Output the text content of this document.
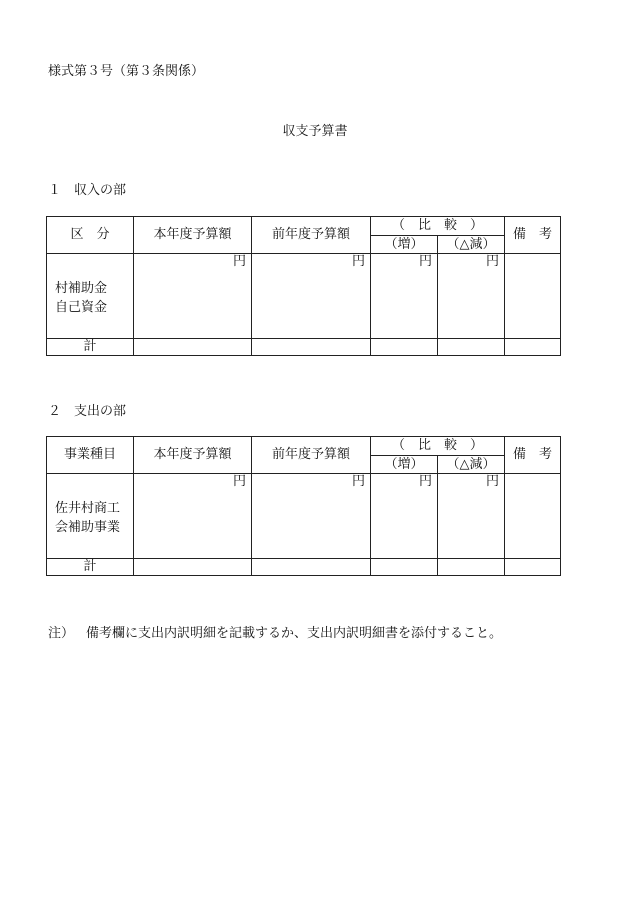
様式第３号（第３条関係）
収支予算書
１　収入の部
区　分	本年度予算額	前年度予算額	（　比　較　）		備　考
			（増）	（△減）	

村補助金
自己資金	円	円	円	円	
計					
２　支出の部
事業種目	本年度予算額	前年度予算額	（　比　較　）		備　考
			（増）	（△減）	

佐井村商工
会補助事業	円	円	円	円	
計					
注） 備考欄に支出内訳明細を記載するか、支出内訳明細書を添付すること。
